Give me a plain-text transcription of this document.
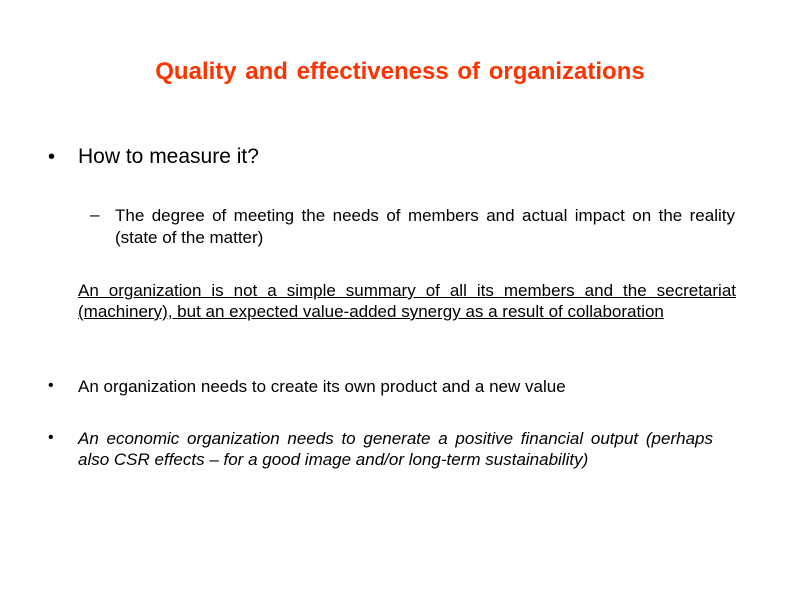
Quality and effectiveness of organizations
•	How to measure it?
– The degree of meeting the needs of members and actual impact on the reality (state of the matter)
An organization is not a simple summary of all its members and the secretariat (machinery), but an expected value-added synergy as a result of collaboration
•	An organization needs to create its own product and a new value
•	An economic organization needs to generate a positive financial output (perhaps also CSR effects – for a good image and/or long-term sustainability)
